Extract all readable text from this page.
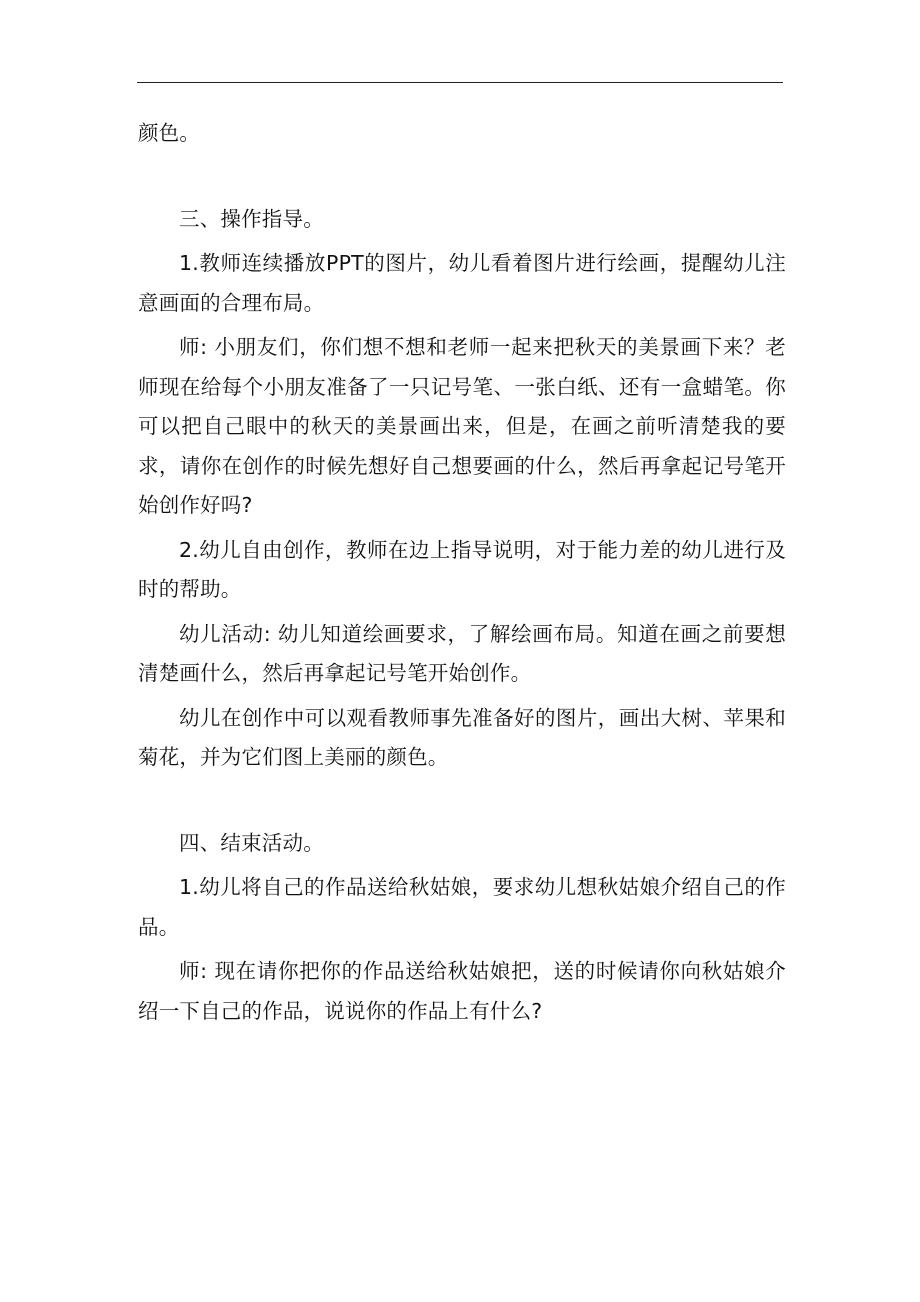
颜色。

三、操作指导。

1.教师连续播放PPT的图片，幼儿看着图片进行绘画，提醒幼儿注意画面的合理布局。

师: 小朋友们，你们想不想和老师一起来把秋天的美景画下来？老师现在给每个小朋友准备了一只记号笔、一张白纸、还有一盒蜡笔。你可以把自己眼中的秋天的美景画出来，但是，在画之前听清楚我的要求，请你在创作的时候先想好自己想要画的什么，然后再拿起记号笔开始创作好吗?

2.幼儿自由创作，教师在边上指导说明，对于能力差的幼儿进行及时的帮助。

幼儿活动: 幼儿知道绘画要求，了解绘画布局。知道在画之前要想清楚画什么，然后再拿起记号笔开始创作。

幼儿在创作中可以观看教师事先准备好的图片，画出大树、苹果和菊花，并为它们图上美丽的颜色。

四、结束活动。

1.幼儿将自己的作品送给秋姑娘，要求幼儿想秋姑娘介绍自己的作品。

师: 现在请你把你的作品送给秋姑娘把，送的时候请你向秋姑娘介绍一下自己的作品，说说你的作品上有什么?
